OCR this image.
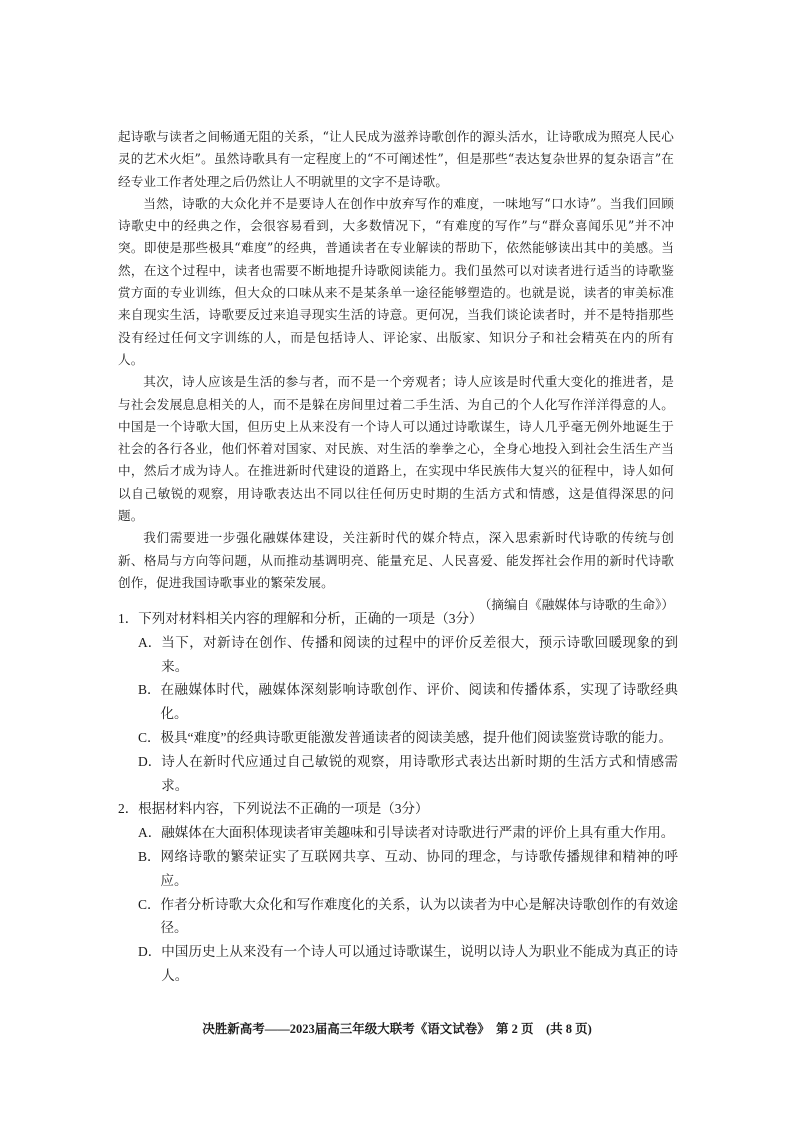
起诗歌与读者之间畅通无阻的关系，“让人民成为滋养诗歌创作的源头活水，让诗歌成为照亮人民心灵的艺术火炬”。虽然诗歌具有一定程度上的“不可阐述性”，但是那些“表达复杂世界的复杂语言”在经专业工作者处理之后仍然让人不明就里的文字不是诗歌。

当然，诗歌的大众化并不是要诗人在创作中放弃写作的难度，一味地写“口水诗”。当我们回顾诗歌史中的经典之作，会很容易看到，大多数情况下，“有难度的写作”与“群众喜闻乐见”并不冲突。即使是那些极具“难度”的经典，普通读者在专业解读的帮助下，依然能够读出其中的美感。当然，在这个过程中，读者也需要不断地提升诗歌阅读能力。我们虽然可以对读者进行适当的诗歌鉴赏方面的专业训练，但大众的口味从来不是某条单一途径能够塑造的。也就是说，读者的审美标准来自现实生活，诗歌要反过来追寻现实生活的诗意。更何况，当我们谈论读者时，并不是特指那些没有经过任何文字训练的人，而是包括诗人、评论家、出版家、知识分子和社会精英在内的所有人。

其次，诗人应该是生活的参与者，而不是一个旁观者；诗人应该是时代重大变化的推进者，是与社会发展息息相关的人，而不是躲在房间里过着二手生活、为自己的个人化写作洋洋得意的人。中国是一个诗歌大国，但历史上从来没有一个诗人可以通过诗歌谋生，诗人几乎毫无例外地诞生于社会的各行各业，他们怀着对国家、对民族、对生活的拳拳之心，全身心地投入到社会生活生产当中，然后才成为诗人。在推进新时代建设的道路上，在实现中华民族伟大复兴的征程中，诗人如何以自己敏锐的观察，用诗歌表达出不同以往任何历史时期的生活方式和情感，这是值得深思的问题。

我们需要进一步强化融媒体建设，关注新时代的媒介特点，深入思索新时代诗歌的传统与创新、格局与方向等问题，从而推动基调明亮、能量充足、人民喜爱、能发挥社会作用的新时代诗歌创作，促进我国诗歌事业的繁荣发展。

（摘编自《融媒体与诗歌的生命》）

1．下列对材料相关内容的理解和分析，正确的一项是（3分）
A． 当下，对新诗在创作、传播和阅读的过程中的评价反差很大，预示诗歌回暖现象的到来。
B． 在融媒体时代，融媒体深刻影响诗歌创作、评价、阅读和传播体系，实现了诗歌经典化。
C． 极具“难度”的经典诗歌更能激发普通读者的阅读美感，提升他们阅读鉴赏诗歌的能力。
D． 诗人在新时代应通过自己敏锐的观察，用诗歌形式表达出新时期的生活方式和情感需求。
2．根据材料内容，下列说法不正确的一项是（3分）
A． 融媒体在大面积体现读者审美趣味和引导读者对诗歌进行严肃的评价上具有重大作用。
B． 网络诗歌的繁荣证实了互联网共享、互动、协同的理念，与诗歌传播规律和精神的呼应。
C． 作者分析诗歌大众化和写作难度化的关系，认为以读者为中心是解决诗歌创作的有效途径。
D． 中国历史上从来没有一个诗人可以通过诗歌谋生，说明以诗人为职业不能成为真正的诗人。
决胜新高考——2023届高三年级大联考《语文试卷》　第 2 页　(共 8 页)
